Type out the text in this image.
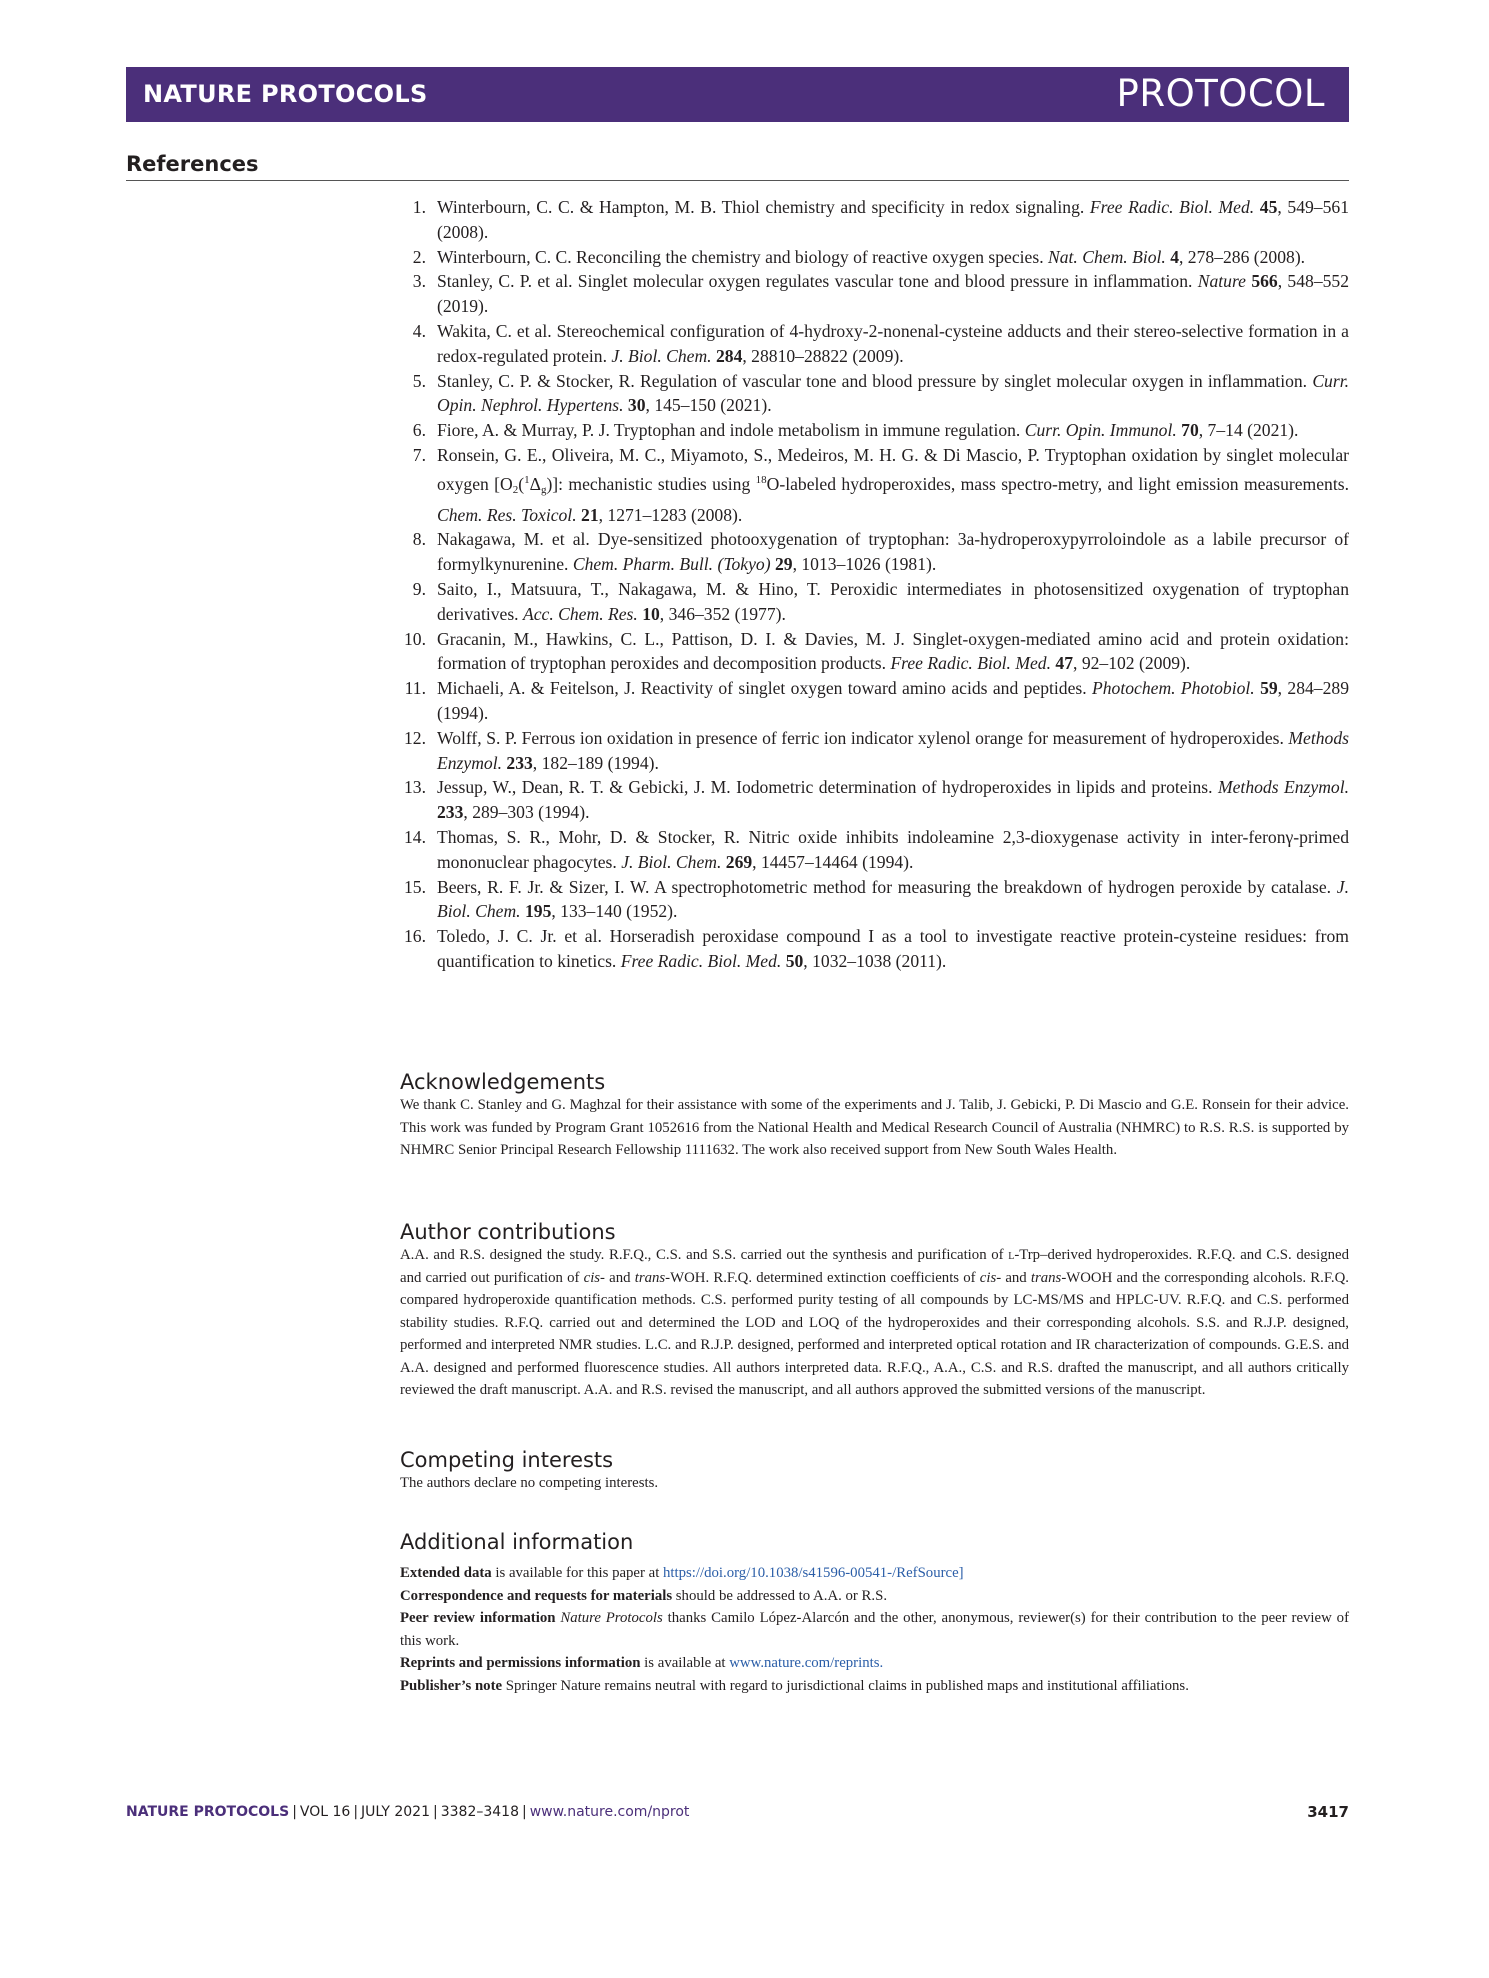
NATURE PROTOCOLS	PROTOCOL
References
1. Winterbourn, C. C. & Hampton, M. B. Thiol chemistry and specificity in redox signaling. Free Radic. Biol. Med. 45, 549–561 (2008).
2. Winterbourn, C. C. Reconciling the chemistry and biology of reactive oxygen species. Nat. Chem. Biol. 4, 278–286 (2008).
3. Stanley, C. P. et al. Singlet molecular oxygen regulates vascular tone and blood pressure in inflammation. Nature 566, 548–552 (2019).
4. Wakita, C. et al. Stereochemical configuration of 4-hydroxy-2-nonenal-cysteine adducts and their stereo-selective formation in a redox-regulated protein. J. Biol. Chem. 284, 28810–28822 (2009).
5. Stanley, C. P. & Stocker, R. Regulation of vascular tone and blood pressure by singlet molecular oxygen in inflammation. Curr. Opin. Nephrol. Hypertens. 30, 145–150 (2021).
6. Fiore, A. & Murray, P. J. Tryptophan and indole metabolism in immune regulation. Curr. Opin. Immunol. 70, 7–14 (2021).
7. Ronsein, G. E., Oliveira, M. C., Miyamoto, S., Medeiros, M. H. G. & Di Mascio, P. Tryptophan oxidation by singlet molecular oxygen $[O_2(^1\Delta_g)]$: mechanistic studies using $^{18}$O-labeled hydroperoxides, mass spectro-metry, and light emission measurements. Chem. Res. Toxicol. 21, 1271–1283 (2008).
8. Nakagawa, M. et al. Dye-sensitized photooxygenation of tryptophan: 3a-hydroperoxypyrroloindole as a labile precursor of formylkynurenine. Chem. Pharm. Bull. (Tokyo) 29, 1013–1026 (1981).
9. Saito, I., Matsuura, T., Nakagawa, M. & Hino, T. Peroxidic intermediates in photosensitized oxygenation of tryptophan derivatives. Acc. Chem. Res. 10, 346–352 (1977).
10. Gracanin, M., Hawkins, C. L., Pattison, D. I. & Davies, M. J. Singlet-oxygen-mediated amino acid and protein oxidation: formation of tryptophan peroxides and decomposition products. Free Radic. Biol. Med. 47, 92–102 (2009).
11. Michaeli, A. & Feitelson, J. Reactivity of singlet oxygen toward amino acids and peptides. Photochem. Photobiol. 59, 284–289 (1994).
12. Wolff, S. P. Ferrous ion oxidation in presence of ferric ion indicator xylenol orange for measurement of hydroperoxides. Methods Enzymol. 233, 182–189 (1994).
13. Jessup, W., Dean, R. T. & Gebicki, J. M. Iodometric determination of hydroperoxides in lipids and proteins. Methods Enzymol. 233, 289–303 (1994).
14. Thomas, S. R., Mohr, D. & Stocker, R. Nitric oxide inhibits indoleamine 2,3-dioxygenase activity in inter-feronγ-primed mononuclear phagocytes. J. Biol. Chem. 269, 14457–14464 (1994).
15. Beers, R. F. Jr. & Sizer, I. W. A spectrophotometric method for measuring the breakdown of hydrogen peroxide by catalase. J. Biol. Chem. 195, 133–140 (1952).
16. Toledo, J. C. Jr. et al. Horseradish peroxidase compound I as a tool to investigate reactive protein-cysteine residues: from quantification to kinetics. Free Radic. Biol. Med. 50, 1032–1038 (2011).
Acknowledgements

We thank C. Stanley and G. Maghzal for their assistance with some of the experiments and J. Talib, J. Gebicki, P. Di Mascio and G.E. Ronsein for their advice. This work was funded by Program Grant 1052616 from the National Health and Medical Research Council of Australia (NHMRC) to R.S. R.S. is supported by NHMRC Senior Principal Research Fellowship 1111632. The work also received support from New South Wales Health.

Author contributions

A.A. and R.S. designed the study. R.F.Q., C.S. and S.S. carried out the synthesis and purification of l-Trp–derived hydroperoxides. R.F.Q. and C.S. designed and carried out purification of cis- and trans-WOH. R.F.Q. determined extinction coefficients of cis- and trans-WOOH and the corresponding alcohols. R.F.Q. compared hydroperoxide quantification methods. C.S. performed purity testing of all compounds by LC-MS/MS and HPLC-UV. R.F.Q. and C.S. performed stability studies. R.F.Q. carried out and determined the LOD and LOQ of the hydroperoxides and their corresponding alcohols. S.S. and R.J.P. designed, performed and interpreted NMR studies. L.C. and R.J.P. designed, performed and interpreted optical rotation and IR characterization of compounds. G.E.S. and A.A. designed and performed fluorescence studies. All authors interpreted data. R.F.Q., A.A., C.S. and R.S. drafted the manuscript, and all authors critically reviewed the draft manuscript. A.A. and R.S. revised the manuscript, and all authors approved the submitted versions of the manuscript.

Competing interests

The authors declare no competing interests.

Additional information

Extended data is available for this paper at https://doi.org/10.1038/s41596-00541-/RefSource]

Correspondence and requests for materials should be addressed to A.A. or R.S.

Peer review information Nature Protocols thanks Camilo López-Alarcón and the other, anonymous, reviewer(s) for their contribution to the peer review of this work.

Reprints and permissions information is available at www.nature.com/reprints.

Publisher’s note Springer Nature remains neutral with regard to jurisdictional claims in published maps and institutional affiliations.

NATURE PROTOCOLS | VOL 16 | JULY 2021 | 3382–3418 | www.nature.com/nprot	3417
